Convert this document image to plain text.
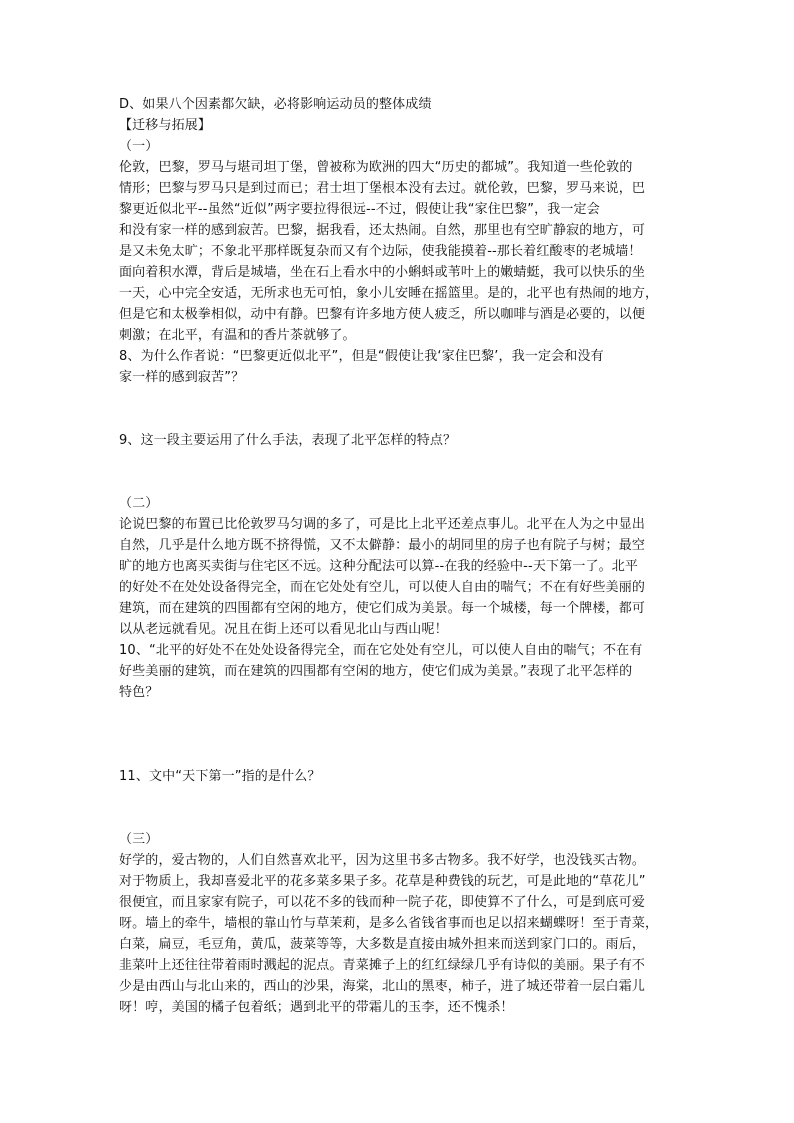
D、如果八个因素都欠缺，必将影响运动员的整体成绩
【迁移与拓展】
（一）
伦敦，巴黎，罗马与堪司坦丁堡，曾被称为欧洲的四大“历史的都城”。我知道一些伦敦的
情形；巴黎与罗马只是到过而已；君士坦丁堡根本没有去过。就伦敦，巴黎，罗马来说，巴
黎更近似北平--虽然“近似”两字要拉得很远--不过，假使让我“家住巴黎”，我一定会
和没有家一样的感到寂苦。巴黎，据我看，还太热闹。自然，那里也有空旷静寂的地方，可
是又未免太旷；不象北平那样既复杂而又有个边际，使我能摸着--那长着红酸枣的老城墙！
面向着积水潭，背后是城墙，坐在石上看水中的小蝌蚪或苇叶上的嫩蜻蜓，我可以快乐的坐
一天，心中完全安适，无所求也无可怕，象小儿安睡在摇篮里。是的，北平也有热闹的地方，
但是它和太极拳相似，动中有静。巴黎有许多地方使人疲乏，所以咖啡与酒是必要的，以便
刺激；在北平，有温和的香片茶就够了。
8、为什么作者说：“巴黎更近似北平”，但是“假使让我‘家住巴黎’，我一定会和没有
家一样的感到寂苦”？
9、这一段主要运用了什么手法，表现了北平怎样的特点？
（二）
论说巴黎的布置已比伦敦罗马匀调的多了，可是比上北平还差点事儿。北平在人为之中显出
自然，几乎是什么地方既不挤得慌，又不太僻静：最小的胡同里的房子也有院子与树；最空
旷的地方也离买卖街与住宅区不远。这种分配法可以算--在我的经验中--天下第一了。北平
的好处不在处处设备得完全，而在它处处有空儿，可以使人自由的喘气；不在有好些美丽的
建筑，而在建筑的四围都有空闲的地方，使它们成为美景。每一个城楼，每一个牌楼，都可
以从老远就看见。况且在街上还可以看见北山与西山呢！
10、“北平的好处不在处处设备得完全，而在它处处有空儿，可以使人自由的喘气；不在有
好些美丽的建筑，而在建筑的四围都有空闲的地方，使它们成为美景。”表现了北平怎样的
特色？
11、文中“天下第一”指的是什么？
（三）
好学的，爱古物的，人们自然喜欢北平，因为这里书多古物多。我不好学，也没钱买古物。
对于物质上，我却喜爱北平的花多菜多果子多。花草是种费钱的玩艺，可是此地的“草花儿”
很便宜，而且家家有院子，可以花不多的钱而种一院子花，即使算不了什么，可是到底可爱
呀。墙上的牵牛，墙根的靠山竹与草茉莉，是多么省钱省事而也足以招来蝴蝶呀！至于青菜，
白菜，扁豆，毛豆角，黄瓜，菠菜等等，大多数是直接由城外担来而送到家门口的。雨后，
韭菜叶上还往往带着雨时溅起的泥点。青菜摊子上的红红绿绿几乎有诗似的美丽。果子有不
少是由西山与北山来的，西山的沙果，海棠，北山的黑枣，柿子，进了城还带着一层白霜儿
呀！哼，美国的橘子包着纸；遇到北平的带霜儿的玉李，还不愧杀！
